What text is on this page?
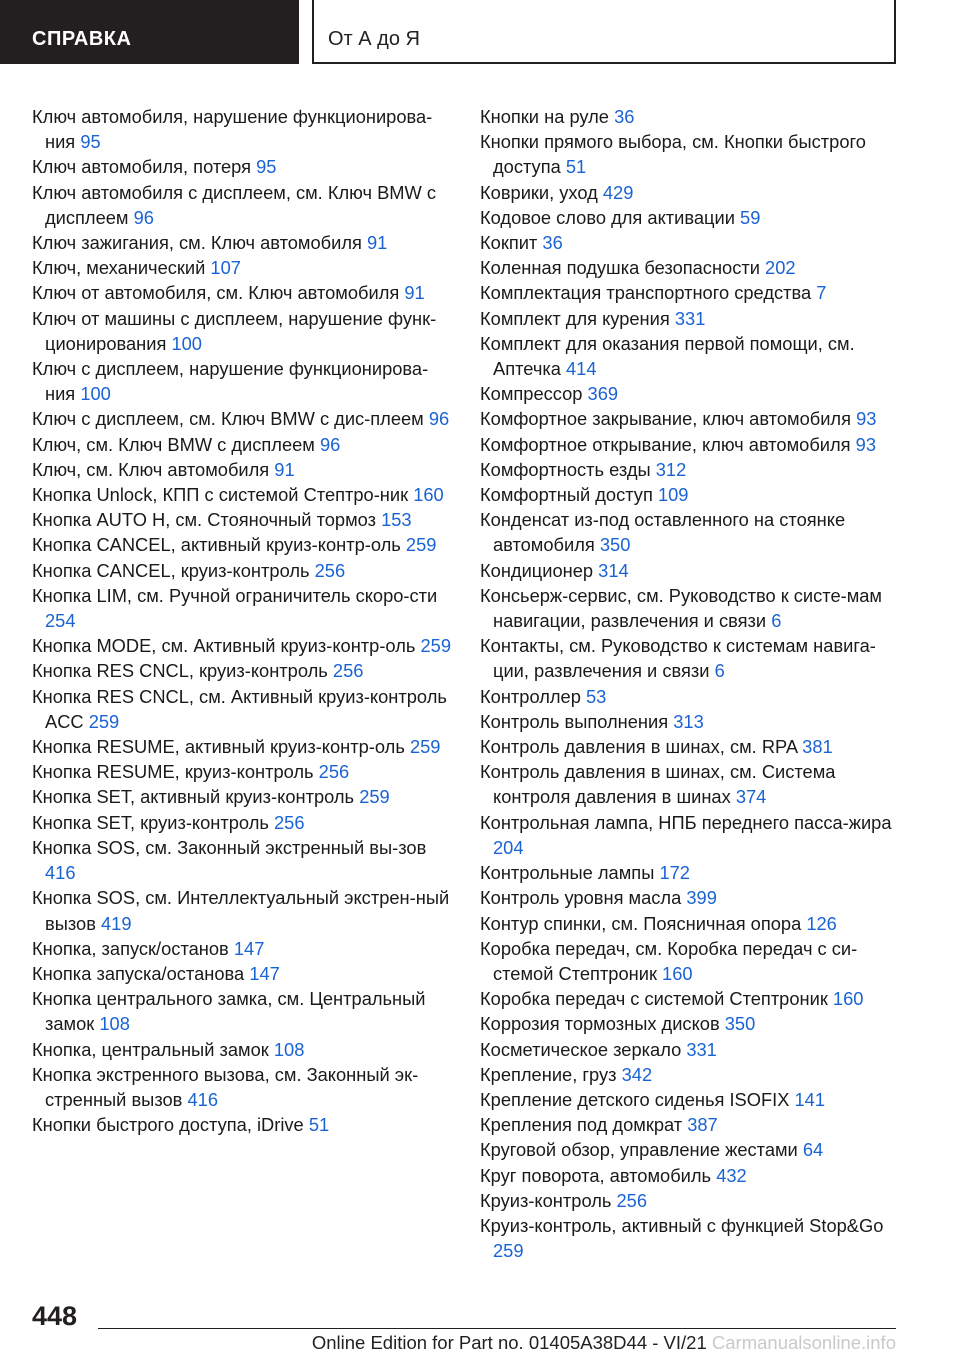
СПРАВКА	От А до Я
Ключ автомобиля, нарушение функционирова-ния 95
Ключ автомобиля, потеря 95
Ключ автомобиля с дисплеем, см. Ключ BMW с дисплеем 96
Ключ зажигания, см. Ключ автомобиля 91
Ключ, механический 107
Ключ от автомобиля, см. Ключ автомобиля 91
Ключ от машины с дисплеем, нарушение функ-ционирования 100
Ключ с дисплеем, нарушение функционирова-ния 100
Ключ с дисплеем, см. Ключ BMW с дис-плеем 96
Ключ, см. Ключ BMW с дисплеем 96
Ключ, см. Ключ автомобиля 91
Кнопка Unlock, КПП с системой Стептро-ник 160
Кнопка AUTO H, см. Стояночный тормоз 153
Кнопка CANCEL, активный круиз-контр-оль 259
Кнопка CANCEL, круиз-контроль 256
Кнопка LIM, см. Ручной ограничитель скоро-сти 254
Кнопка MODE, см. Активный круиз-контр-оль 259
Кнопка RES CNCL, круиз-контроль 256
Кнопка RES CNCL, см. Активный круиз-контроль ACC 259
Кнопка RESUME, активный круиз-контр-оль 259
Кнопка RESUME, круиз-контроль 256
Кнопка SET, активный круиз-контроль 259
Кнопка SET, круиз-контроль 256
Кнопка SOS, см. Законный экстренный вы-зов 416
Кнопка SOS, см. Интеллектуальный экстрен-ный вызов 419
Кнопка, запуск/останов 147
Кнопка запуска/останова 147
Кнопка центрального замка, см. Центральный замок 108
Кнопка, центральный замок 108
Кнопка экстренного вызова, см. Законный эк-стренный вызов 416
Кнопки быстрого доступа, iDrive 51
Кнопки на руле 36
Кнопки прямого выбора, см. Кнопки быстрого доступа 51
Коврики, уход 429
Кодовое слово для активации 59
Кокпит 36
Коленная подушка безопасности 202
Комплектация транспортного средства 7
Комплект для курения 331
Комплект для оказания первой помощи, см. Аптечка 414
Компрессор 369
Комфортное закрывание, ключ автомобиля 93
Комфортное открывание, ключ автомобиля 93
Комфортность езды 312
Комфортный доступ 109
Конденсат из-под оставленного на стоянке автомобиля 350
Кондиционер 314
Консьерж-сервис, см. Руководство к систе-мам навигации, развлечения и связи 6
Контакты, см. Руководство к системам навига-ции, развлечения и связи 6
Контроллер 53
Контроль выполнения 313
Контроль давления в шинах, см. RPA 381
Контроль давления в шинах, см. Система контроля давления в шинах 374
Контрольная лампа, НПБ переднего пасса-жира 204
Контрольные лампы 172
Контроль уровня масла 399
Контур спинки, см. Поясничная опора 126
Коробка передач, см. Коробка передач с си-стемой Стептроник 160
Коробка передач с системой Стептроник 160
Коррозия тормозных дисков 350
Косметическое зеркало 331
Крепление, груз 342
Крепление детского сиденья ISOFIX 141
Крепления под домкрат 387
Круговой обзор, управление жестами 64
Круг поворота, автомобиль 432
Круиз-контроль 256
Круиз-контроль, активный с функцией Stop&Go 259
448
Online Edition for Part no. 01405A38D44 - VI/21 Carmanualsonline.info
